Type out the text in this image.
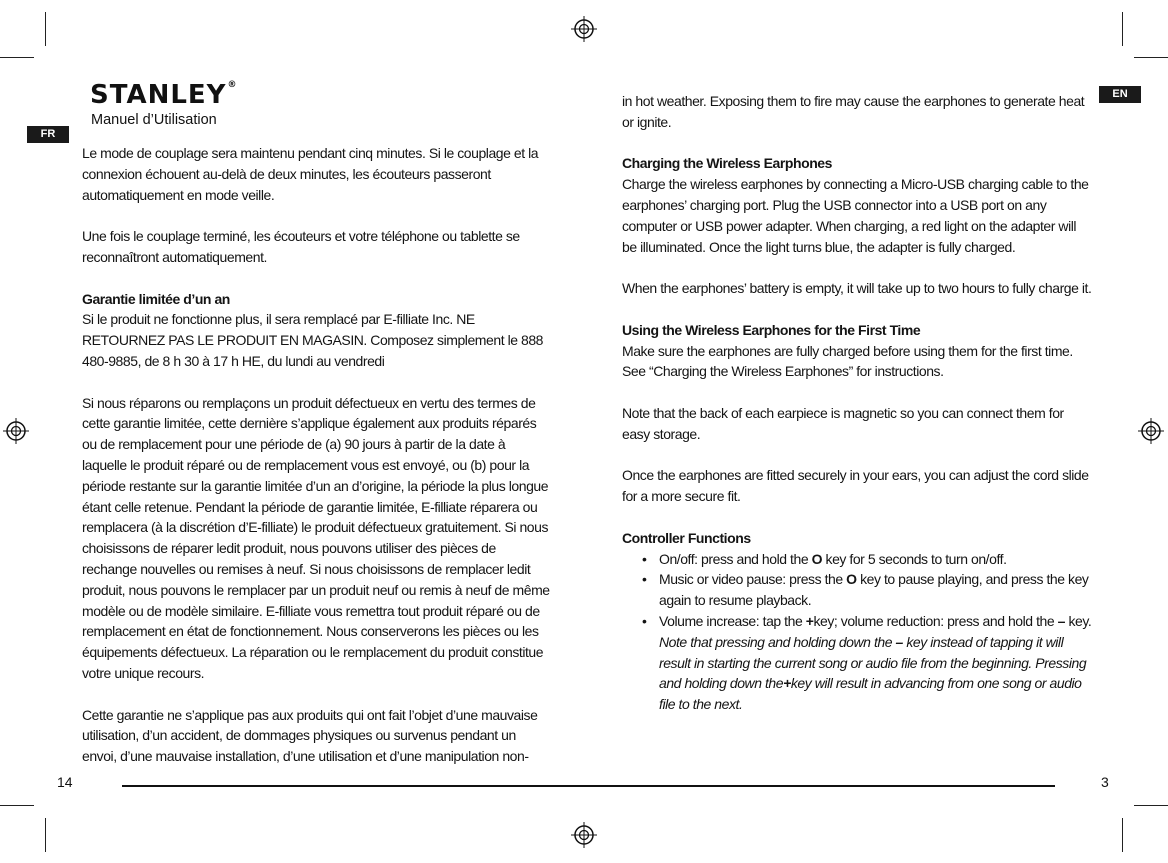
STANLEY®
Manuel d’Utilisation
FR

Le mode de couplage sera maintenu pendant cinq minutes. Si le couplage et la connexion échouent au-delà de deux minutes, les écouteurs passeront automatiquement en mode veille.

Une fois le couplage terminé, les écouteurs et votre téléphone ou tablette se reconnaîtront automatiquement.

Garantie limitée d’un an

Si le produit ne fonctionne plus, il sera remplacé par E-filliate Inc. NE RETOURNEZ PAS LE PRODUIT EN MAGASIN. Composez simplement le 888 480-9885, de 8 h 30 à 17 h HE, du lundi au vendredi

Si nous réparons ou remplaçons un produit défectueux en vertu des termes de cette garantie limitée, cette dernière s’applique également aux produits réparés ou de remplacement pour une période de (a) 90 jours à partir de la date à laquelle le produit réparé ou de remplacement vous est envoyé, ou (b) pour la période restante sur la garantie limitée d’un an d’origine, la période la plus longue étant celle retenue. Pendant la période de garantie limitée, E-filliate réparera ou remplacera (à la discrétion d’E-filliate) le produit défectueux gratuitement. Si nous choisissons de réparer ledit produit, nous pouvons utiliser des pièces de rechange nouvelles ou remises à neuf. Si nous choisissons de remplacer ledit produit, nous pouvons le remplacer par un produit neuf ou remis à neuf de même modèle ou de modèle similaire. E-filliate vous remettra tout produit réparé ou de remplacement en état de fonctionnement. Nous conserverons les pièces ou les équipements défectueux. La réparation ou le remplacement du produit constitue votre unique recours.

Cette garantie ne s’applique pas aux produits qui ont fait l’objet d’une mauvaise utilisation, d’un accident, de dommages physiques ou survenus pendant un envoi, d’une mauvaise installation, d’une utilisation et d’une manipulation non-

14
EN

in hot weather. Exposing them to fire may cause the earphones to generate heat or ignite.

Charging the Wireless Earphones

Charge the wireless earphones by connecting a Micro-USB charging cable to the earphones’ charging port. Plug the USB connector into a USB port on any computer or USB power adapter. When charging, a red light on the adapter will be illuminated. Once the light turns blue, the adapter is fully charged.

When the earphones’ battery is empty, it will take up to two hours to fully charge it.

Using the Wireless Earphones for the First Time

Make sure the earphones are fully charged before using them for the first time. See “Charging the Wireless Earphones” for instructions.

Note that the back of each earpiece is magnetic so you can connect them for easy storage.

Once the earphones are fitted securely in your ears, you can adjust the cord slide for a more secure fit.

Controller Functions
• On/off: press and hold the O key for 5 seconds to turn on/off.
• Music or video pause: press the O key to pause playing, and press the key again to resume playback.
• Volume increase: tap the +key; volume reduction: press and hold the – key. Note that pressing and holding down the – key instead of tapping it will result in starting the current song or audio file from the beginning. Pressing and holding down the+key will result in advancing from one song or audio file to the next.
3
